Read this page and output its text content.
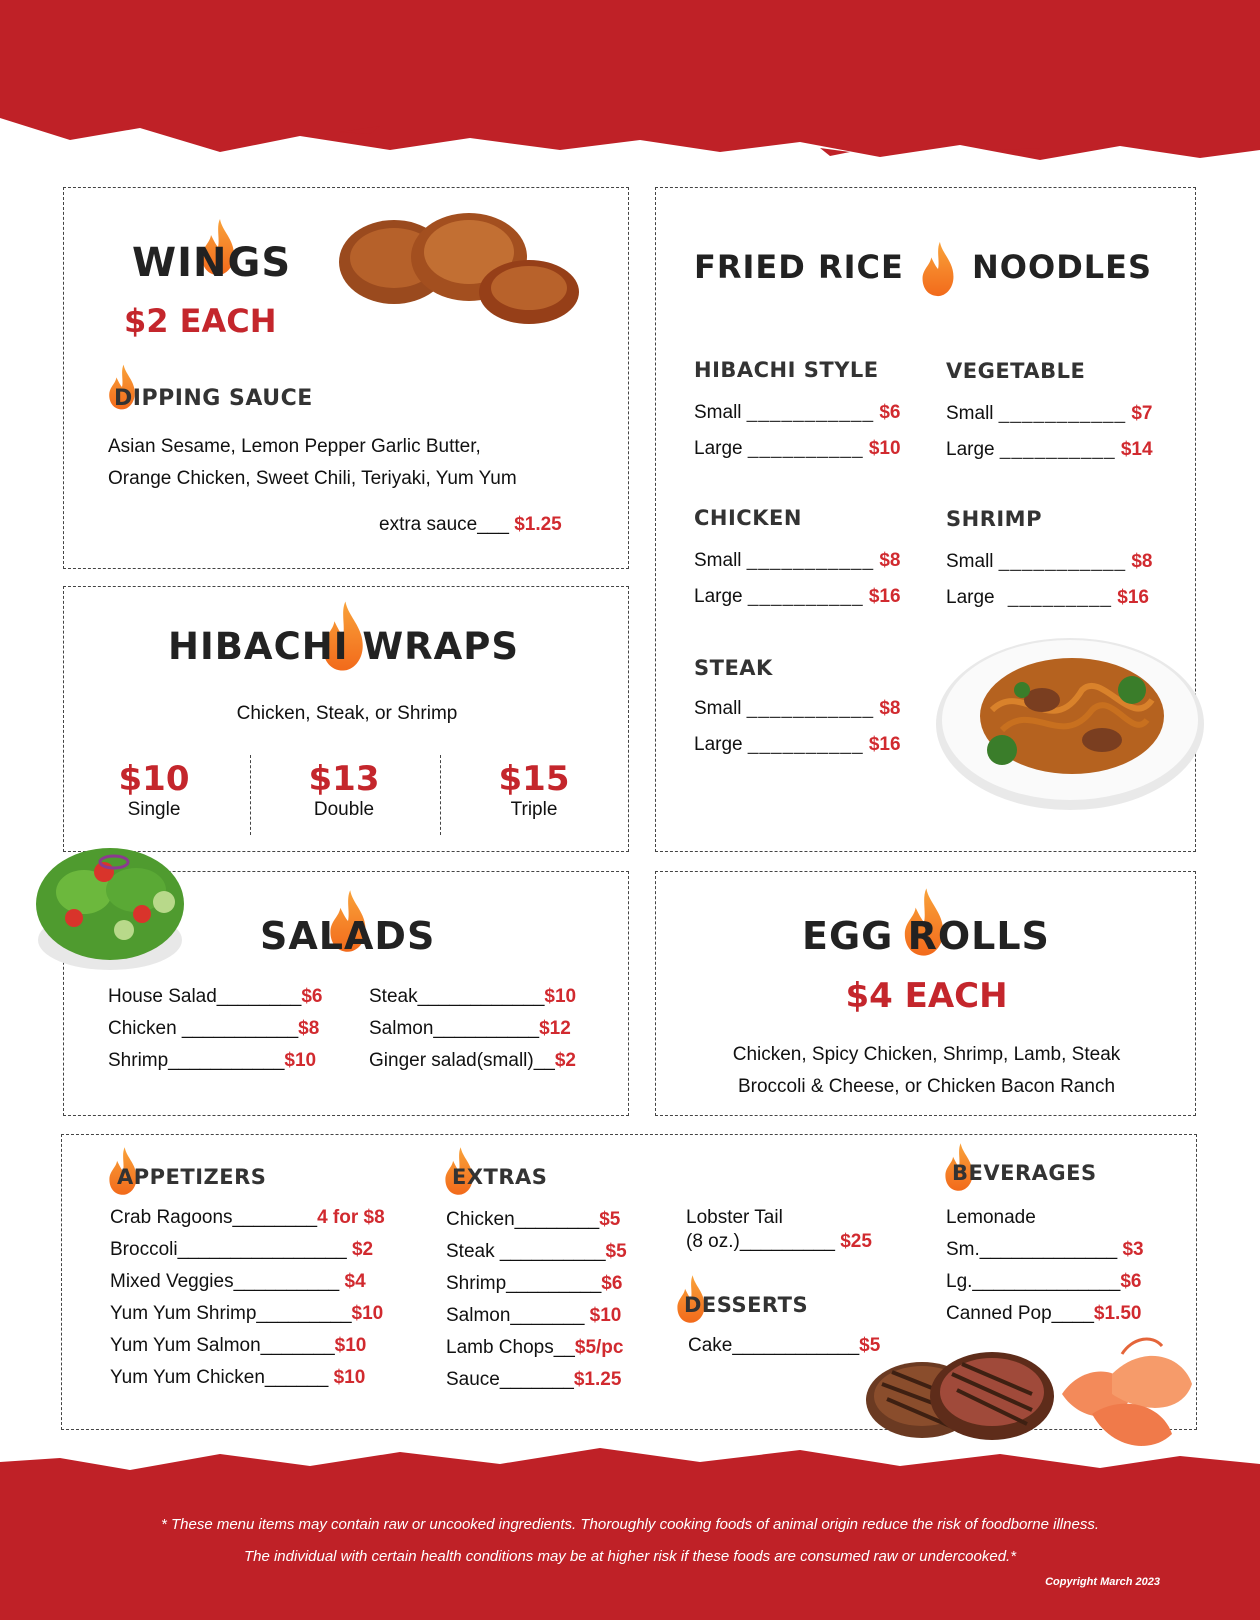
WINGS
$2 EACH
DIPPING SAUCE
Asian Sesame, Lemon Pepper Garlic Butter,
Orange Chicken, Sweet Chili, Teriyaki, Yum Yum
extra sauce___ $1.25
HIBACHI WRAPS
Chicken, Steak, or Shrimp
$10
Single
$13
Double
$15
Triple
FRIED RICE NOODLES
HIBACHI STYLE
Small ___________ $6
Large __________ $10
VEGETABLE
Small ___________ $7
Large __________ $14
CHICKEN
Small ___________ $8
Large __________ $16
SHRIMP
Small ___________ $8
Large _________ $16
STEAK
Small ___________ $8
Large __________ $16
SALADS
House Salad________$6
Chicken ___________$8
Shrimp___________$10
Steak____________$10
Salmon__________$12
Ginger salad(small)__$2
EGG ROLLS
$4 EACH
Chicken, Spicy Chicken, Shrimp, Lamb, Steak
Broccoli & Cheese, or Chicken Bacon Ranch
APPETIZERS
Crab Ragoons________4 for $8
Broccoli________________ $2
Mixed Veggies__________ $4
Yum Yum Shrimp_________$10
Yum Yum Salmon_______$10
Yum Yum Chicken______ $10
EXTRAS
Chicken________$5
Steak __________$5
Shrimp_________$6
Salmon_______ $10
Lamb Chops__$5/pc
Sauce_______$1.25
Lobster Tail
(8 oz.)_________ $25
DESSERTS
Cake____________$5
BEVERAGES
Lemonade
Sm._____________ $3
Lg.______________$6
Canned Pop____$1.50
* These menu items may contain raw or uncooked ingredients. Thoroughly cooking foods of animal origin reduce the risk of foodborne illness.
The individual with certain health conditions may be at higher risk if these foods are consumed raw or undercooked.*
Copyright March 2023
